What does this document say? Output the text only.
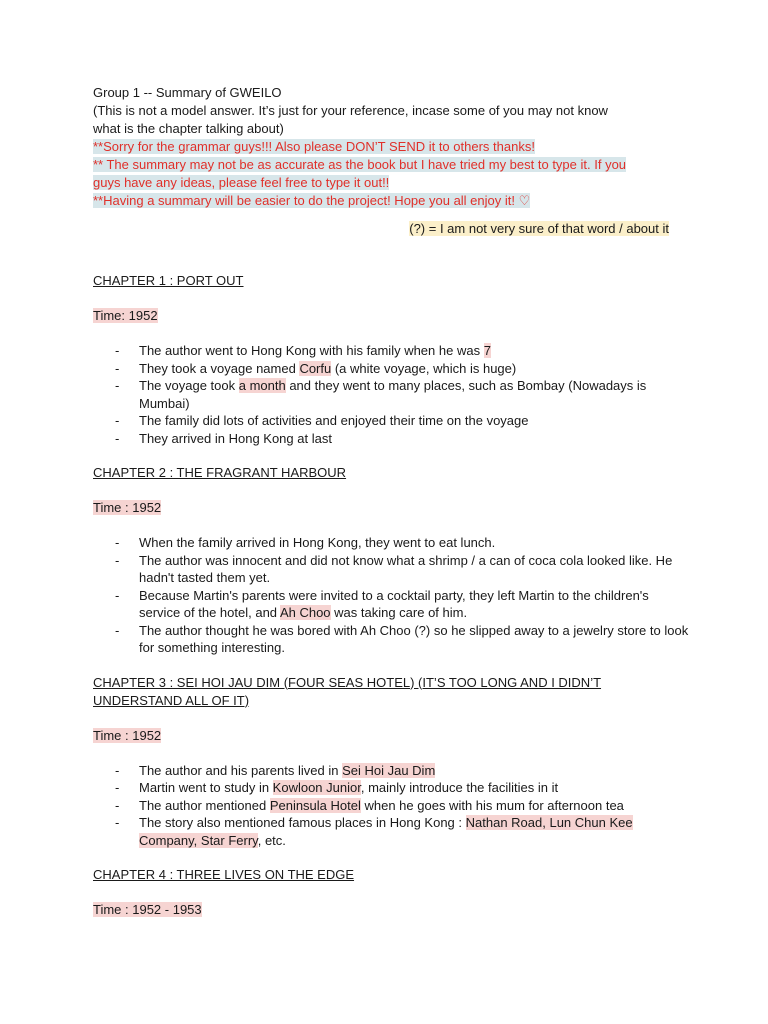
Group 1 -- Summary of GWEILO
(This is not a model answer. It’s just for your reference, incase some of you may not know
what is the chapter talking about)
**Sorry for the grammar guys!!! Also please DON’T SEND it to others thanks!
** The summary may not be as accurate as the book but I have tried my best to type it. If you
guys have any ideas, please feel free to type it out!!
**Having a summary will be easier to do the project! Hope you all enjoy it! ♡
(?) = I am not very sure of that word / about it
CHAPTER 1 : PORT OUT
Time: 1952
- The author went to Hong Kong with his family when he was 7
- They took a voyage named Corfu (a white voyage, which is huge)
- The voyage took a month and they went to many places, such as Bombay (Nowadays is Mumbai)
- The family did lots of activities and enjoyed their time on the voyage
- They arrived in Hong Kong at last
CHAPTER 2 : THE FRAGRANT HARBOUR
Time : 1952
- When the family arrived in Hong Kong, they went to eat lunch.
- The author was innocent and did not know what a shrimp / a can of coca cola looked like. He hadn't tasted them yet.
- Because Martin's parents were invited to a cocktail party, they left Martin to the children's service of the hotel, and Ah Choo was taking care of him.
- The author thought he was bored with Ah Choo (?) so he slipped away to a jewelry store to look for something interesting.
CHAPTER 3 : SEI HOI JAU DIM (FOUR SEAS HOTEL) (IT’S TOO LONG AND I DIDN’T
UNDERSTAND ALL OF IT)
Time : 1952
- The author and his parents lived in Sei Hoi Jau Dim
- Martin went to study in Kowloon Junior, mainly introduce the facilities in it
- The author mentioned Peninsula Hotel when he goes with his mum for afternoon tea
- The story also mentioned famous places in Hong Kong : Nathan Road, Lun Chun Kee Company, Star Ferry, etc.
CHAPTER 4 : THREE LIVES ON THE EDGE
Time : 1952 - 1953
